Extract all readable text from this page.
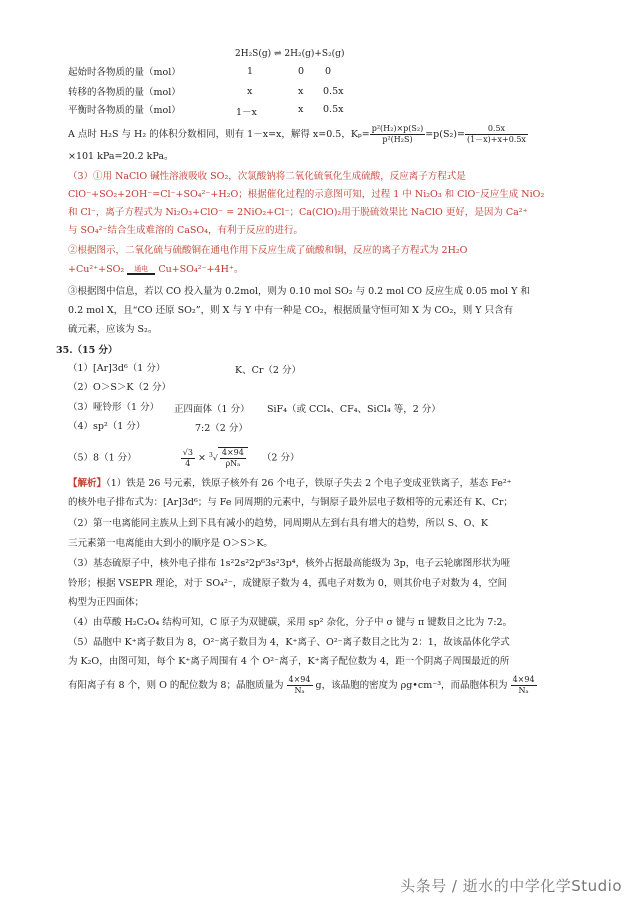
2H₂S(g) ⇌ 2H₂(g)+S₂(g)
起始时各物质的量（mol）	1	0 0
转移的各物质的量（mol）	x	x 0.5x
平衡时各物质的量（mol）	1－x	x 0.5x
A 点时 H₂S 与 H₂ 的体积分数相同，则有 1－x=x，解得 x=0.5，$K_p= \frac{\text{p²(H₂)×p(S₂)}}{\text{p²(H₂S)}} =p(S_2)= \frac{0.5x}{(1-x)+x+0.5x}$
×101 kPa=20.2 kPa。
（3）①用 NaClO 碱性溶液吸收 SO₂，次氯酸钠将二氧化硫氧化生成硫酸，反应离子方程式是
ClO⁻+SO₂+2OH⁻=Cl⁻+SO₄²⁻+H₂O；根据催化过程的示意图可知，过程 1 中 Ni₂O₃ 和 ClO⁻反应生成 NiO₂
和 Cl⁻，离子方程式为 Ni₂O₃+ClO⁻ = 2NiO₂+Cl⁻；Ca(ClO)₂用于脱硫效果比 NaClO 更好，是因为 Ca²⁺
与 SO₄²⁻结合生成难溶的 CaSO₄，有利于反应的进行。
②根据图示，二氧化硫与硫酸铜在通电作用下反应生成了硫酸和铜，反应的离子方程式为 2H₂O
+Cu²⁺+SO₂	通电	Cu+SO₄²⁻+4H⁺。
③根据图中信息，若以 CO 投入量为 0.2mol，则为 0.10 mol SO₂ 与 0.2 mol CO 反应生成 0.05 mol Y 和
0.2 mol X，且“CO 还原 SO₂”，则 X 与 Y 中有一种是 CO₂，根据质量守恒可知 X 为 CO₂，则 Y 只含有
硫元素，应该为 S₂。
35.（15 分）
（1）[Ar]3d⁶（1 分）	K、Cr（2 分）
（2）O＞S＞K（2 分）
（3）哑铃形（1 分） 正四面体（1 分） SiF₄（或 CCl₄、CF₄、SiCl₄ 等，2 分）
（4）sp²（1 分）	7:2（2 分）
（5）8（1 分）	$\frac{√3}{4} \times ^3√ \frac{4\times 94}{\text{ρNₐ}} (2$ 分）
【解析】（1）铁是 26 号元素，铁原子核外有 26 个电子，铁原子失去 2 个电子变成亚铁离子，基态 Fe²⁺
的核外电子排布式为：[Ar]3d⁶；与 Fe 同周期的元素中，与铜原子最外层电子数相等的元素还有 K、Cr；
（2）第一电离能同主族从上到下具有减小的趋势，同周期从左到右具有增大的趋势，所以 S、O、K
三元素第一电离能由大到小的顺序是 O＞S＞K。
（3）基态硫原子中，核外电子排布 1s²2s²2p⁶3s²3p⁴，核外占据最高能级为 3p，电子云轮廓图形状为哑
铃形；根据 VSEPR 理论，对于 SO₄²⁻，成键原子数为 4，孤电子对数为 0，则其价电子对数为 4，空间
构型为正四面体；
（4）由草酸 H₂C₂O₄ 结构可知，C 原子为双键碳，采用 sp² 杂化，分子中 σ 键与 π 键数目之比为 7:2。
（5）晶胞中 K⁺离子数目为 8，O²⁻离子数目为 4，K⁺离子、O²⁻离子数目之比为 2：1，故该晶体化学式
为 K₂O，由图可知，每个 K⁺离子周围有 4 个 O²⁻离子，K⁺离子配位数为 4，距一个阴离子周围最近的所
有阳离子有 8 个，则 O 的配位数为 8；晶胞质量为 $\frac{4\times 94}{\text{Nₐ}}$ g，该晶胞的密度为 ρg•cm⁻³，而晶胞体积为 $\frac{4\times 94}{\text{Nₐ}}$
头条号 / 逝水的中学化学Studio
